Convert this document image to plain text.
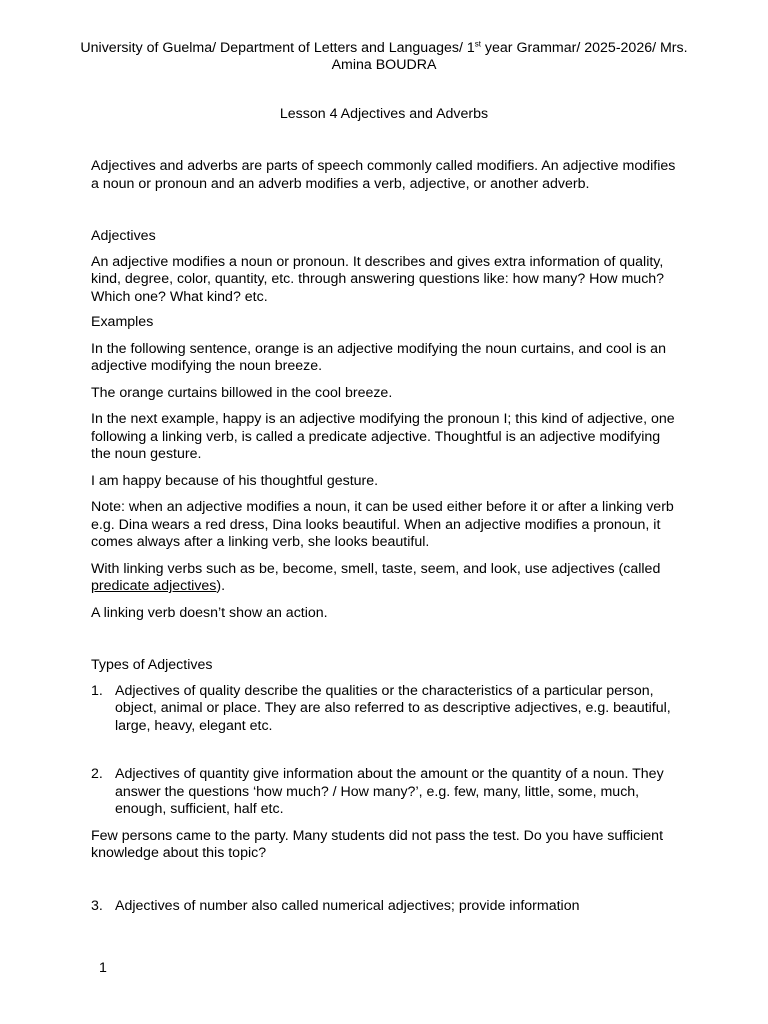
University of Guelma/ Department of Letters and Languages/ 1st year Grammar/ 2025-2026/ Mrs.
Amina BOUDRA
Lesson 4 Adjectives and Adverbs

Adjectives and adverbs are parts of speech commonly called modifiers. An adjective modifies a noun or pronoun and an adverb modifies a verb, adjective, or another adverb.

Adjectives

An adjective modifies a noun or pronoun. It describes and gives extra information of quality, kind, degree, color, quantity, etc. through answering questions like: how many? How much? Which one? What kind? etc.

Examples

In the following sentence, orange is an adjective modifying the noun curtains, and cool is an adjective modifying the noun breeze.

The orange curtains billowed in the cool breeze.

In the next example, happy is an adjective modifying the pronoun I; this kind of adjective, one following a linking verb, is called a predicate adjective. Thoughtful is an adjective modifying the noun gesture.

I am happy because of his thoughtful gesture.

Note: when an adjective modifies a noun, it can be used either before it or after a linking verb e.g. Dina wears a red dress, Dina looks beautiful. When an adjective modifies a pronoun, it comes always after a linking verb, she looks beautiful.

With linking verbs such as be, become, smell, taste, seem, and look, use adjectives (called predicate adjectives).

A linking verb doesn’t show an action.

Types of Adjectives

1. Adjectives of quality describe the qualities or the characteristics of a particular person, object, animal or place. They are also referred to as descriptive adjectives, e.g. beautiful, large, heavy, elegant etc.
2. Adjectives of quantity give information about the amount or the quantity of a noun. They answer the questions ‘how much? / How many?’, e.g. few, many, little, some, much, enough, sufficient, half etc.

Few persons came to the party. Many students did not pass the test. Do you have sufficient knowledge about this topic?

3. Adjectives of number also called numerical adjectives; provide information
1
